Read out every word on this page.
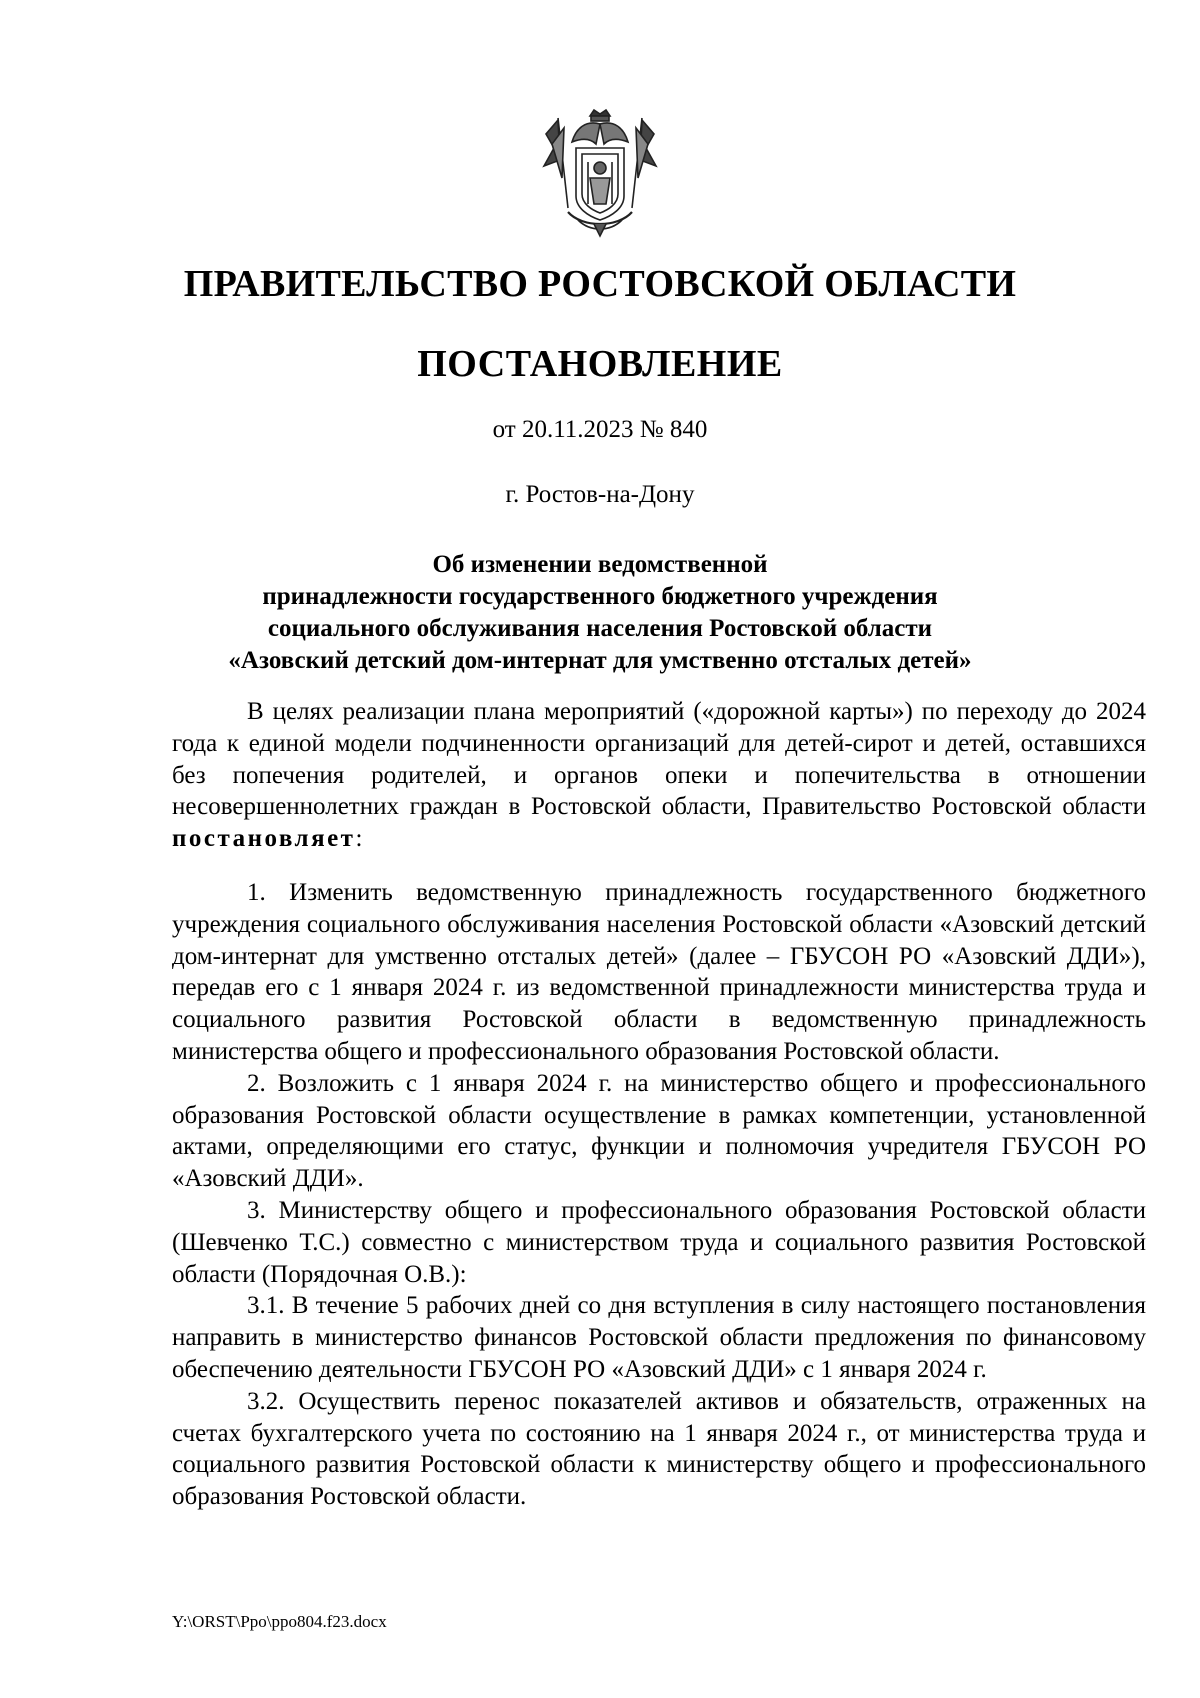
ПРАВИТЕЛЬСТВО РОСТОВСКОЙ ОБЛАСТИ
ПОСТАНОВЛЕНИЕ
от 20.11.2023 № 840
г. Ростов-на-Дону
Об изменении ведомственной
принадлежности государственного бюджетного учреждения
социального обслуживания населения Ростовской области
«Азовский детский дом-интернат для умственно отсталых детей»

В целях реализации плана мероприятий («дорожной карты») по переходу до 2024 года к единой модели подчиненности организаций для детей-сирот и детей, оставшихся без попечения родителей, и органов опеки и попечительства в отношении несовершеннолетних граждан в Ростовской области, Правительство Ростовской области постановляет:

1. Изменить ведомственную принадлежность государственного бюджетного учреждения социального обслуживания населения Ростовской области «Азовский детский дом-интернат для умственно отсталых детей» (далее – ГБУСОН РО «Азовский ДДИ»), передав его с 1 января 2024 г. из ведомственной принадлежности министерства труда и социального развития Ростовской области в ведомственную принадлежность министерства общего и профессионального образования Ростовской области.

2. Возложить с 1 января 2024 г. на министерство общего и профессионального образования Ростовской области осуществление в рамках компетенции, установленной актами, определяющими его статус, функции и полномочия учредителя ГБУСОН РО «Азовский ДДИ».

3. Министерству общего и профессионального образования Ростовской области (Шевченко Т.С.) совместно с министерством труда и социального развития Ростовской области (Порядочная О.В.):

3.1. В течение 5 рабочих дней со дня вступления в силу настоящего постановления направить в министерство финансов Ростовской области предложения по финансовому обеспечению деятельности ГБУСОН РО «Азовский ДДИ» с 1 января 2024 г.

3.2. Осуществить перенос показателей активов и обязательств, отраженных на счетах бухгалтерского учета по состоянию на 1 января 2024 г., от министерства труда и социального развития Ростовской области к министерству общего и профессионального образования Ростовской области.

Y:\ORST\Ppo\ppo804.f23.docx
